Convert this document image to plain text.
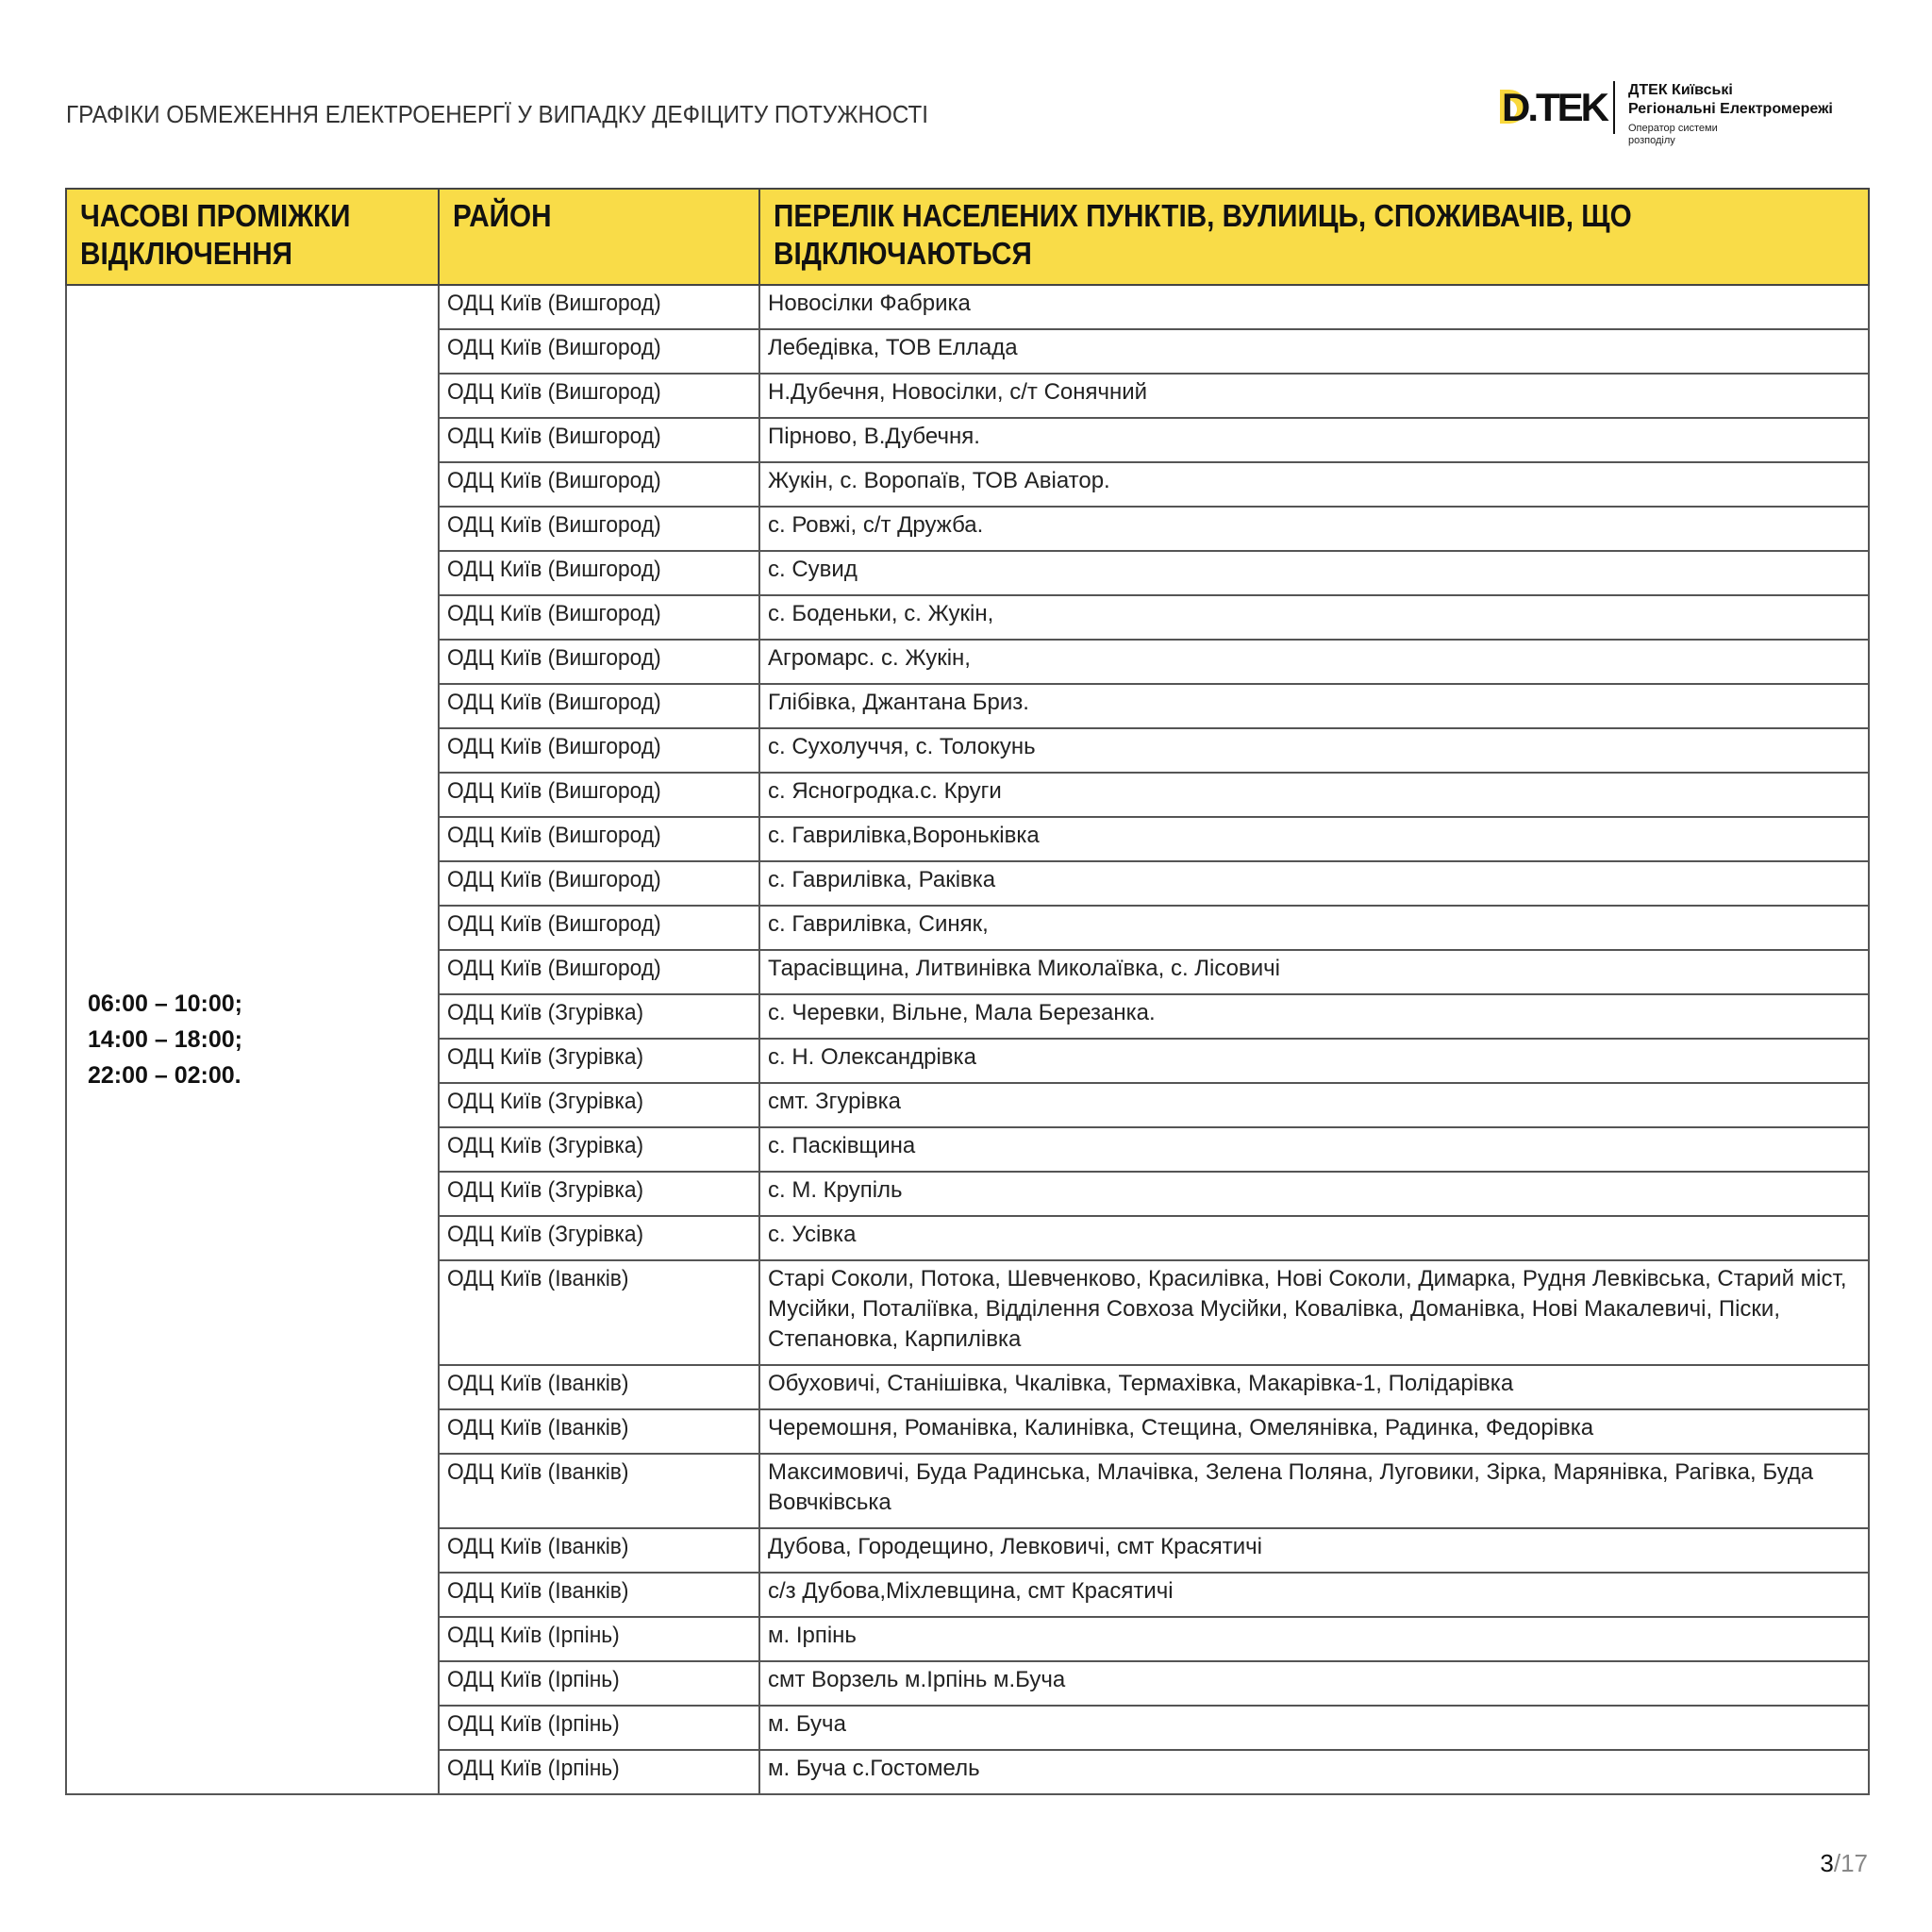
ГРАФІКИ ОБМЕЖЕННЯ ЕЛЕКТРОЕНЕРГЇ У ВИПАДКУ ДЕФІЦИТУ ПОТУЖНОСТІ	D.TEK ДТЕК Київські
Регіональні Електромережі
Оператор системи
розподілу
ЧАСОВІ ПРОМІЖКИ ВІДКЛЮЧЕННЯ	РАЙОН	ПЕРЕЛІК НАСЕЛЕНИХ ПУНКТІВ, ВУЛИИЦЬ, СПОЖИВАЧІВ, ЩО ВІДКЛЮЧАЮТЬСЯ

06:00 – 10:00;
14:00 – 18:00;
22:00 – 02:00.	ОДЦ Київ (Вишгород)	Новосілки Фабрика
	ОДЦ Київ (Вишгород)	Лебедівка, ТОВ Еллада
	ОДЦ Київ (Вишгород)	Н.Дубечня, Новосілки, с/т Сонячний
	ОДЦ Київ (Вишгород)	Пірново, В.Дубечня.
	ОДЦ Київ (Вишгород)	Жукін, с. Воропаїв, ТОВ Авіатор.
	ОДЦ Київ (Вишгород)	с. Ровжі, с/т Дружба.
	ОДЦ Київ (Вишгород)	с. Сувид
	ОДЦ Київ (Вишгород)	с. Боденьки, с. Жукін,
	ОДЦ Київ (Вишгород)	Агромарс. с. Жукін,
	ОДЦ Київ (Вишгород)	Глібівка, Джантана Бриз.
	ОДЦ Київ (Вишгород)	с. Сухолуччя, с. Толокунь
	ОДЦ Київ (Вишгород)	с. Ясногродка.с. Круги
	ОДЦ Київ (Вишгород)	с. Гаврилівка,Вороньківка
	ОДЦ Київ (Вишгород)	с. Гаврилівка, Раківка
	ОДЦ Київ (Вишгород)	с. Гаврилівка, Синяк,
	ОДЦ Київ (Вишгород)	Тарасівщина, Литвинівка Миколаївка, с. Лісовичі
	ОДЦ Київ (Згурівка)	с. Черевки, Вільне, Мала Березанка.
	ОДЦ Київ (Згурівка)	с. Н. Олександрівка
	ОДЦ Київ (Згурівка)	смт. Згурівка
	ОДЦ Київ (Згурівка)	с. Пасківщина
	ОДЦ Київ (Згурівка)	с. М. Крупіль
	ОДЦ Київ (Згурівка)	с. Усівка
	ОДЦ Київ (Іванків)	Старі Соколи, Потока, Шевченково, Красилівка, Нові Соколи, Димарка, Рудня Левківська, Старий міст, Мусійки, Поталіївка, Відділення Совхоза Мусійки, Ковалівка, Доманівка, Нові Макалевичі, Піски, Степановка, Карпилівка
	ОДЦ Київ (Іванків)	Обуховичі, Станішівка, Чкалівка, Термахівка, Макарівка-1, Полідарівка
	ОДЦ Київ (Іванків)	Черемошня, Романівка, Калинівка, Стещина, Омелянівка, Радинка, Федорівка
	ОДЦ Київ (Іванків)	Максимовичі, Буда Радинська, Млачівка, Зелена Поляна, Луговики, Зірка, Марянівка, Рагівка, Буда Вовчківська
	ОДЦ Київ (Іванків)	Дубова, Городещино, Левковичі, смт Красятичі
	ОДЦ Київ (Іванків)	с/з Дубова,Міхлевщина, смт Красятичі
	ОДЦ Київ (Ірпінь)	м. Ірпінь
	ОДЦ Київ (Ірпінь)	смт Ворзель м.Ірпінь м.Буча
	ОДЦ Київ (Ірпінь)	м. Буча
	ОДЦ Київ (Ірпінь)	м. Буча с.Гостомель
3/17
